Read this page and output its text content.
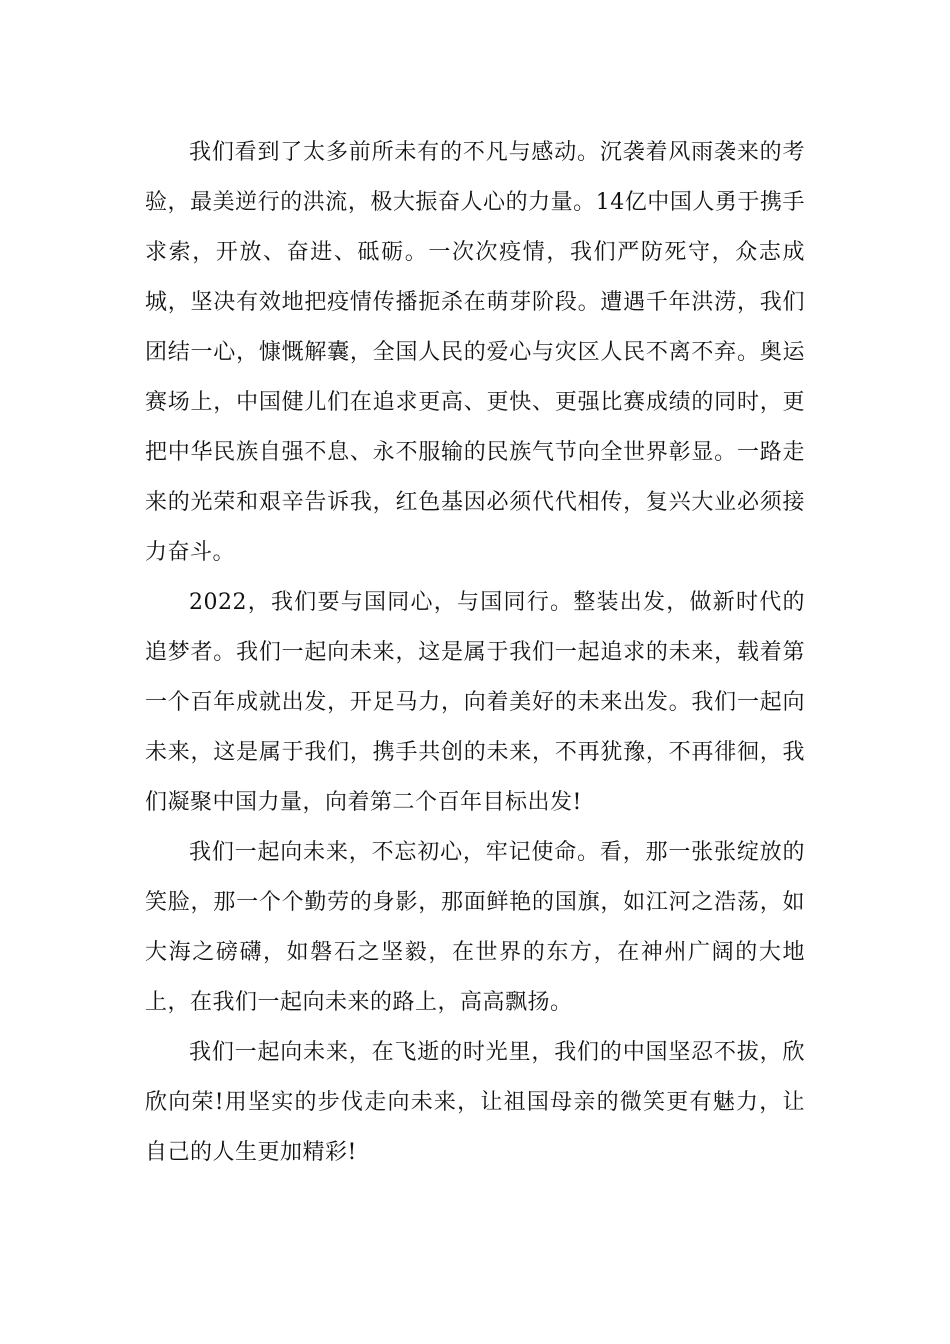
我们看到了太多前所未有的不凡与感动。沉袭着风雨袭来的考验，最美逆行的洪流，极大振奋人心的力量。14亿中国人勇于携手求索，开放、奋进、砥砺。一次次疫情，我们严防死守，众志成城，坚决有效地把疫情传播扼杀在萌芽阶段。遭遇千年洪涝，我们团结一心，慷慨解囊，全国人民的爱心与灾区人民不离不弃。奥运赛场上，中国健儿们在追求更高、更快、更强比赛成绩的同时，更把中华民族自强不息、永不服输的民族气节向全世界彰显。一路走来的光荣和艰辛告诉我，红色基因必须代代相传，复兴大业必须接力奋斗。

2022，我们要与国同心，与国同行。整装出发，做新时代的追梦者。我们一起向未来，这是属于我们一起追求的未来，载着第一个百年成就出发，开足马力，向着美好的未来出发。我们一起向未来，这是属于我们，携手共创的未来，不再犹豫，不再徘徊，我们凝聚中国力量，向着第二个百年目标出发!

我们一起向未来，不忘初心，牢记使命。看，那一张张绽放的笑脸，那一个个勤劳的身影，那面鲜艳的国旗，如江河之浩荡，如大海之磅礴，如磐石之坚毅，在世界的东方，在神州广阔的大地上，在我们一起向未来的路上，高高飘扬。

我们一起向未来，在飞逝的时光里，我们的中国坚忍不拔，欣欣向荣!用坚实的步伐走向未来，让祖国母亲的微笑更有魅力，让自己的人生更加精彩!
